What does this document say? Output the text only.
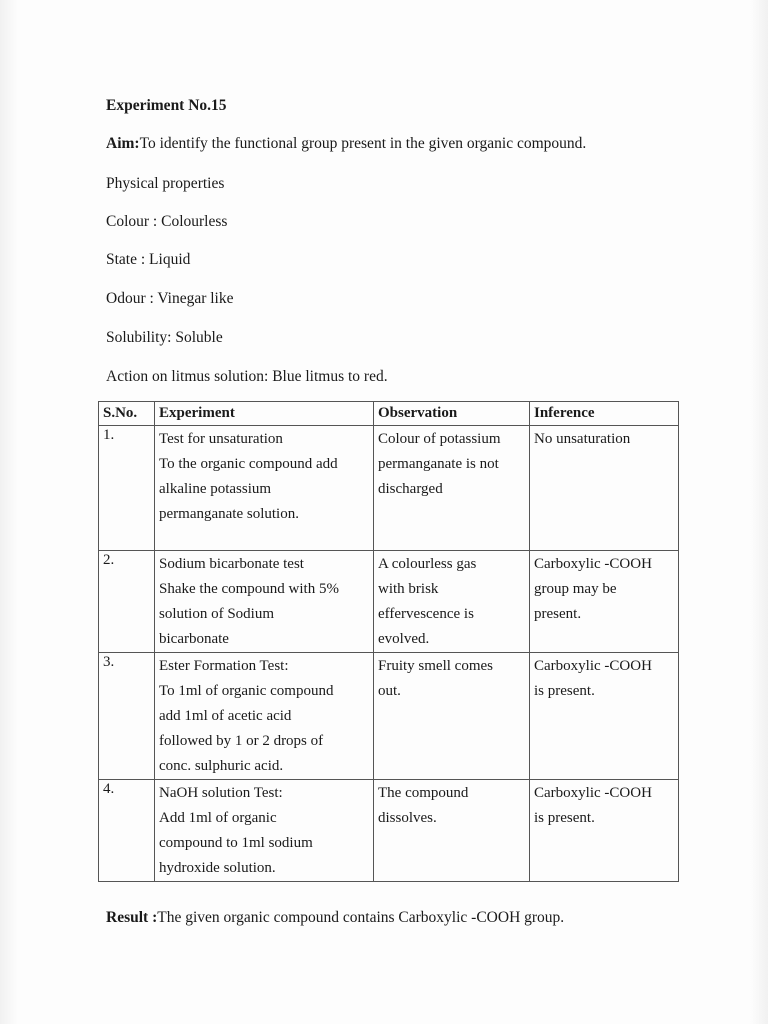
Experiment No.15
Aim:To identify the functional group present in the given organic compound.
Physical properties
Colour : Colourless
State : Liquid
Odour : Vinegar like
Solubility: Soluble
Action on litmus solution: Blue litmus to red.
S.No.	Experiment	Observation	Inference
1.	Test for unsaturation
To the organic compound add
alkaline potassium
permanganate solution.	Colour of potassium
permanganate is not
discharged	No unsaturation

2.	Sodium bicarbonate test
Shake the compound with 5%
solution of Sodium
bicarbonate	A colourless gas
with brisk
effervescence is
evolved.	Carboxylic -COOH
group may be
present.

3.	Ester Formation Test:
To 1ml of organic compound
add 1ml of acetic acid
followed by 1 or 2 drops of
conc. sulphuric acid.	Fruity smell comes
out.	Carboxylic -COOH
is present.

4.	NaOH solution Test:
Add 1ml of organic
compound to 1ml sodium
hydroxide solution.	The compound
dissolves.	Carboxylic -COOH
is present.
Result :The given organic compound contains Carboxylic -COOH group.
